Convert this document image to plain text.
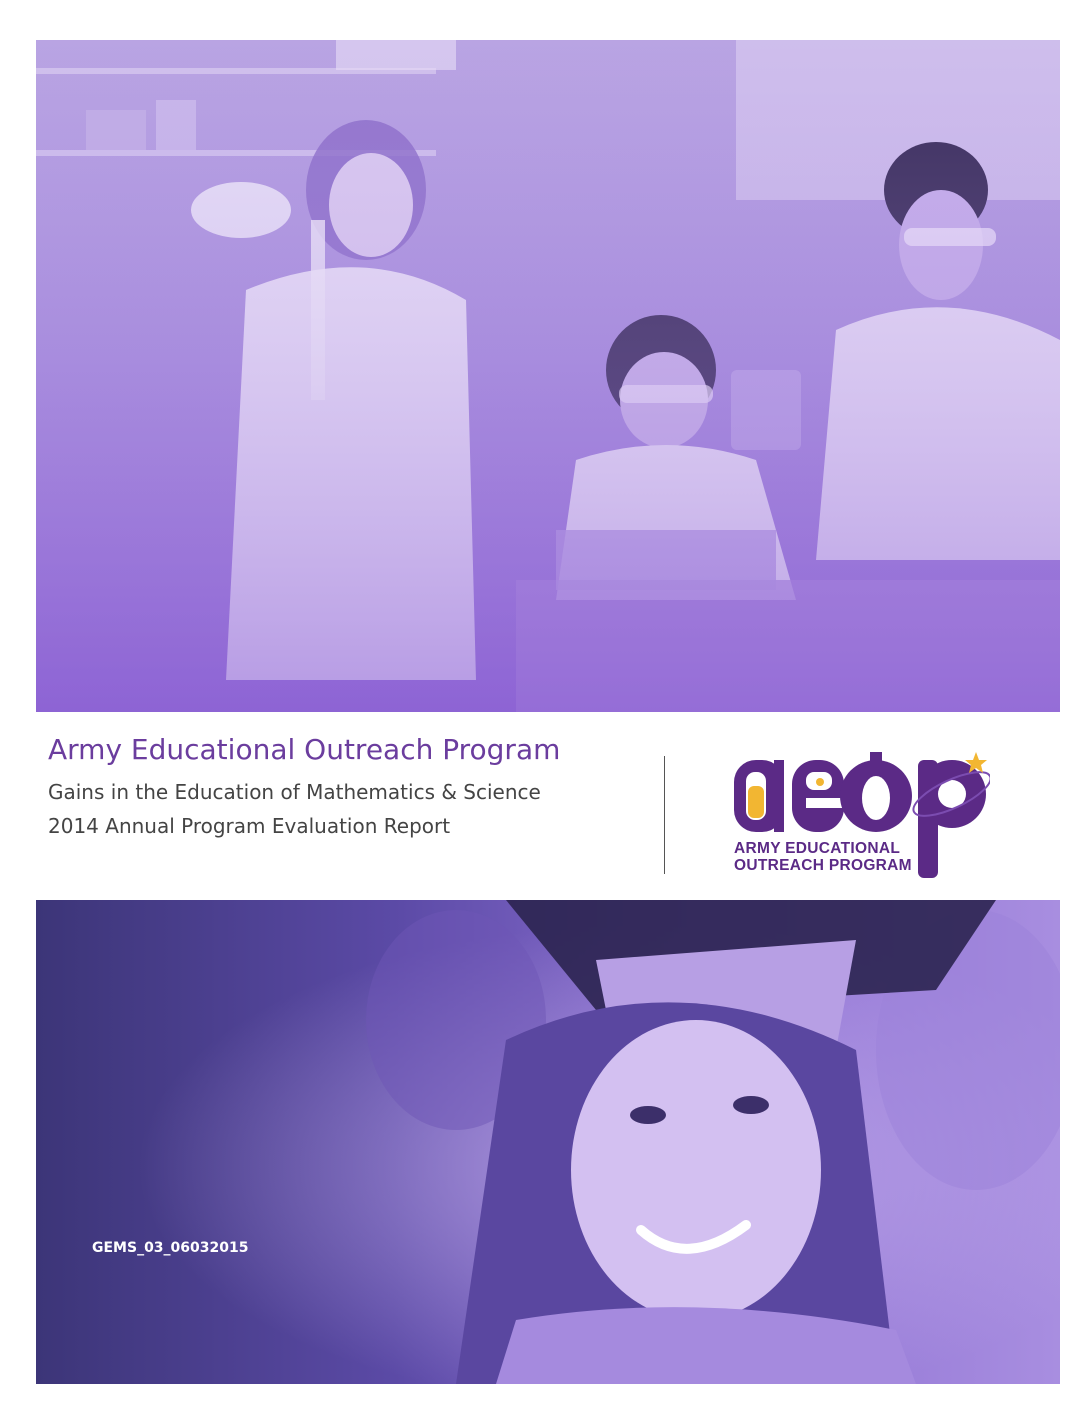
Army Educational Outreach Program
Gains in the Education of Mathematics & Science
2014 Annual Program Evaluation Report
ARMY EDUCATIONAL
OUTREACH PROGRAM
GEMS_03_06032015
